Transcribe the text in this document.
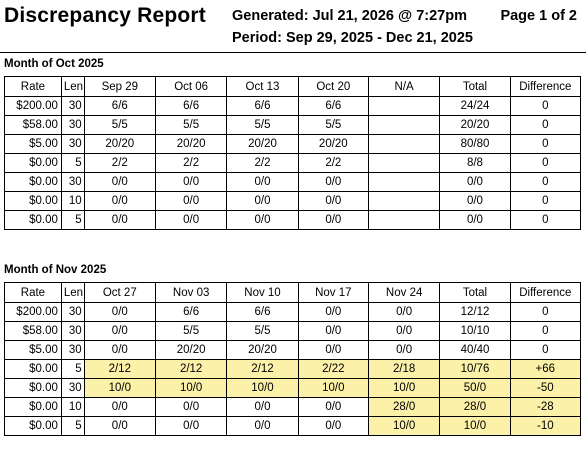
Discrepancy Report Generated: Jul 21, 2026 @ 7:27pm Page 1 of 2
Period: Sep 29, 2025 - Dec 21, 2025
Month of Oct 2025
Rate	Len	Sep 29	Oct 06	Oct 13	Oct 20	N/A	Total	Difference
$200.00	30	6/6	6/6	6/6	6/6		24/24	0
$58.00	30	5/5	5/5	5/5	5/5		20/20	0
$5.00	30	20/20	20/20	20/20	20/20		80/80	0
$0.00	5	2/2	2/2	2/2	2/2		8/8	0
$0.00	30	0/0	0/0	0/0	0/0		0/0	0
$0.00	10	0/0	0/0	0/0	0/0		0/0	0
$0.00	5	0/0	0/0	0/0	0/0		0/0	0
Month of Nov 2025
Rate	Len	Oct 27	Nov 03	Nov 10	Nov 17	Nov 24	Total	Difference
$200.00	30	0/0	6/6	6/6	0/0	0/0	12/12	0
$58.00	30	0/0	5/5	5/5	0/0	0/0	10/10	0
$5.00	30	0/0	20/20	20/20	0/0	0/0	40/40	0
$0.00	5	2/12	2/12	2/12	2/22	2/18	10/76	+66
$0.00	30	10/0	10/0	10/0	10/0	10/0	50/0	-50
$0.00	10	0/0	0/0	0/0	0/0	28/0	28/0	-28
$0.00	5	0/0	0/0	0/0	0/0	10/0	10/0	-10
